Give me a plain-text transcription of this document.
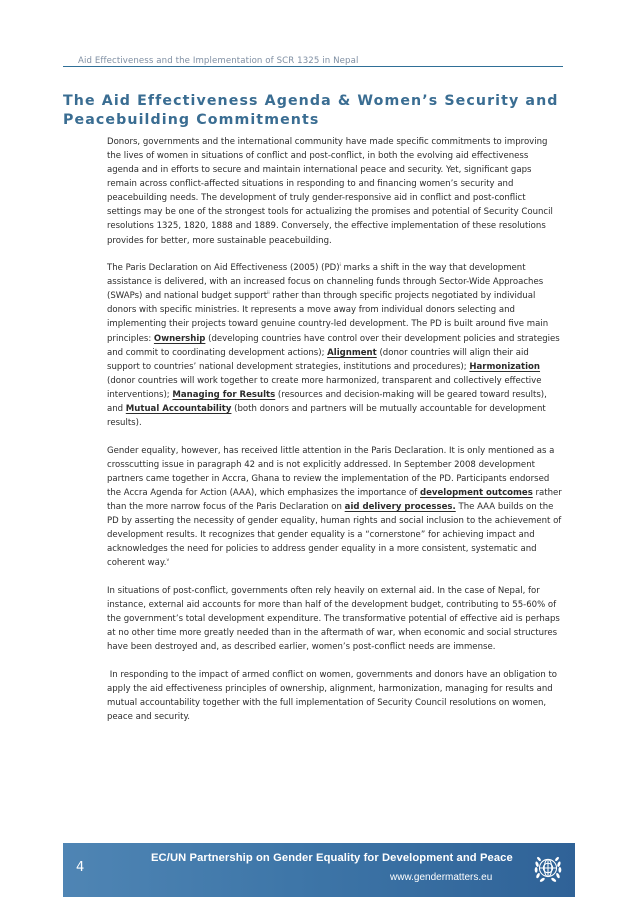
Aid Effectiveness and the Implementation of SCR 1325 in Nepal
The Aid Effectiveness Agenda & Women’s Security and Peacebuilding Commitments

Donors, governments and the international community have made specific commitments to improving the lives of women in situations of conflict and post-conflict, in both the evolving aid effectiveness agenda and in efforts to secure and maintain international peace and security. Yet, significant gaps remain across conflict-affected situations in responding to and financing women’s security and peacebuilding needs. The development of truly gender-responsive aid in conflict and post-conflict settings may be one of the strongest tools for actualizing the promises and potential of Security Council resolutions 1325, 1820, 1888 and 1889. Conversely, the effective implementation of these resolutions provides for better, more sustainable peacebuilding.

The Paris Declaration on Aid Effectiveness (2005) (PD)$^i$ marks a shift in the way that development assistance is delivered, with an increased focus on channeling funds through Sector-Wide Approaches (SWAPs) and national budget support$^{ii}$ rather than through specific projects negotiated by individual donors with specific ministries. It represents a move away from individual donors selecting and implementing their projects toward genuine country-led development. The PD is built around five main principles: Ownership (developing countries have control over their development policies and strategies and commit to coordinating development actions); Alignment (donor countries will align their aid support to countries’ national development strategies, institutions and procedures); Harmonization (donor countries will work together to create more harmonized, transparent and collectively effective interventions); Managing for Results (resources and decision-making will be geared toward results), and Mutual Accountability (both donors and partners will be mutually accountable for development results).

Gender equality, however, has received little attention in the Paris Declaration. It is only mentioned as a crosscutting issue in paragraph 42 and is not explicitly addressed. In September 2008 development partners came together in Accra, Ghana to review the implementation of the PD. Participants endorsed the Accra Agenda for Action (AAA), which emphasizes the importance of development outcomes rather than the more narrow focus of the Paris Declaration on aid delivery processes. The AAA builds on the PD by asserting the necessity of gender equality, human rights and social inclusion to the achievement of development results. It recognizes that gender equality is a “cornerstone” for achieving impact and acknowledges the need for policies to address gender equality in a more consistent, systematic and coherent way.$^v$

In situations of post-conflict, governments often rely heavily on external aid. In the case of Nepal, for instance, external aid accounts for more than half of the development budget, contributing to 55-60% of the government’s total development expenditure. The transformative potential of effective aid is perhaps at no other time more greatly needed than in the aftermath of war, when economic and social structures have been destroyed and, as described earlier, women’s post-conflict needs are immense.

In responding to the impact of armed conflict on women, governments and donors have an obligation to apply the aid effectiveness principles of ownership, alignment, harmonization, managing for results and mutual accountability together with the full implementation of Security Council resolutions on women, peace and security.

4
EC/UN Partnership on Gender Equality for Development and Peace
www.gendermatters.eu
